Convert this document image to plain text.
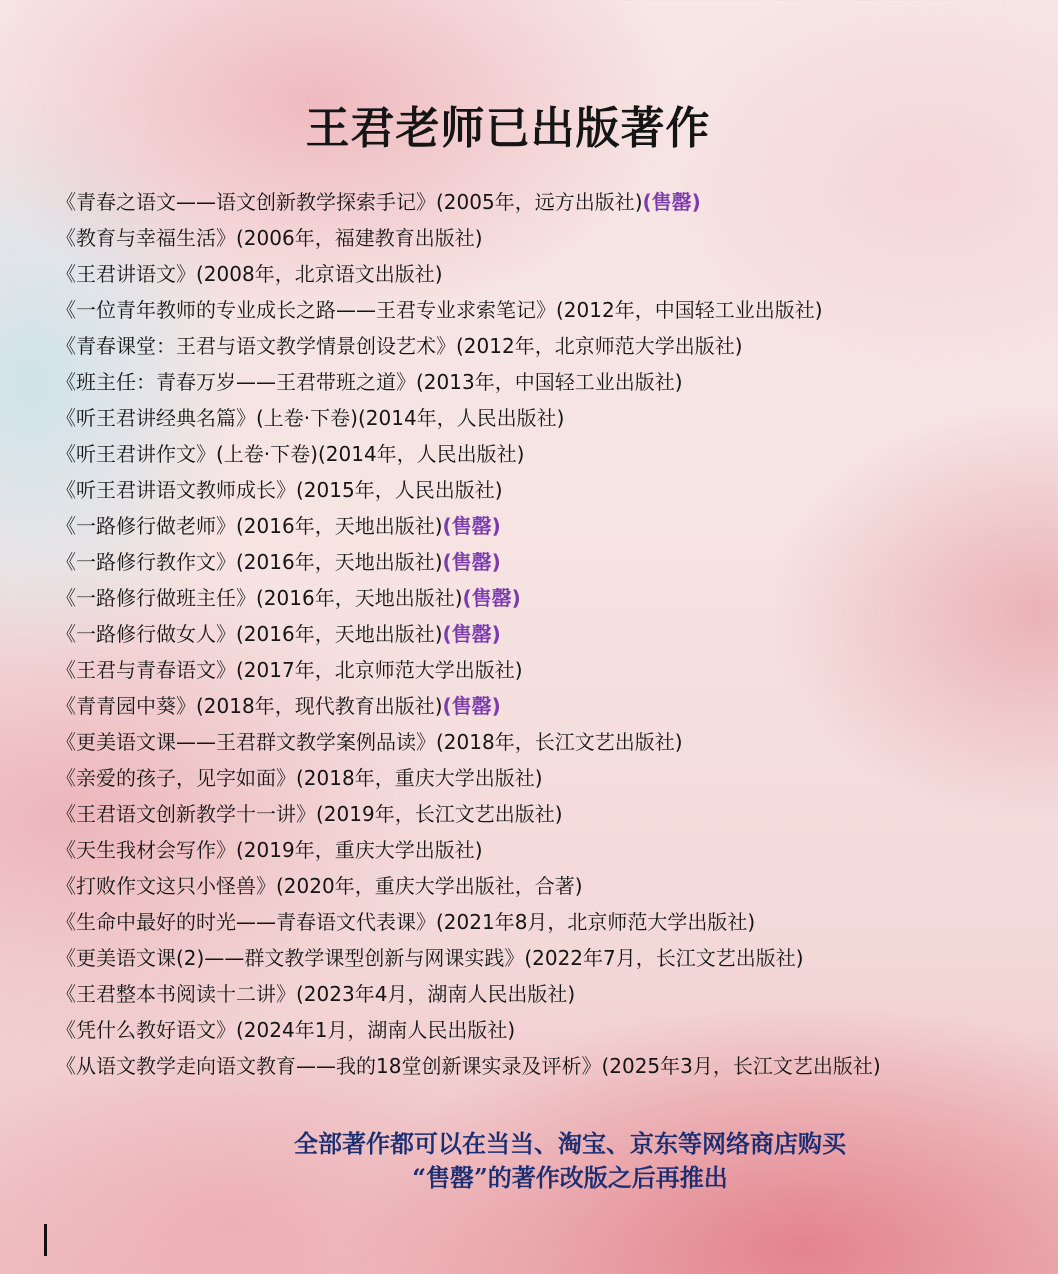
王君老师已出版著作
《青春之语文——语文创新教学探索手记》(2005年，远方出版社)(售罄)
《教育与幸福生活》(2006年，福建教育出版社)
《王君讲语文》(2008年，北京语文出版社)
《一位青年教师的专业成长之路——王君专业求索笔记》(2012年，中国轻工业出版社)
《青春课堂：王君与语文教学情景创设艺术》(2012年，北京师范大学出版社)
《班主任：青春万岁——王君带班之道》(2013年，中国轻工业出版社)
《听王君讲经典名篇》(上卷·下卷)(2014年，人民出版社)
《听王君讲作文》(上卷·下卷)(2014年，人民出版社)
《听王君讲语文教师成长》(2015年，人民出版社)
《一路修行做老师》(2016年，天地出版社)(售罄)
《一路修行教作文》(2016年，天地出版社)(售罄)
《一路修行做班主任》(2016年，天地出版社)(售罄)
《一路修行做女人》(2016年，天地出版社)(售罄)
《王君与青春语文》(2017年，北京师范大学出版社)
《青青园中葵》(2018年，现代教育出版社)(售罄)
《更美语文课——王君群文教学案例品读》(2018年，长江文艺出版社)
《亲爱的孩子，见字如面》(2018年，重庆大学出版社)
《王君语文创新教学十一讲》(2019年，长江文艺出版社)
《天生我材会写作》(2019年，重庆大学出版社)
《打败作文这只小怪兽》(2020年，重庆大学出版社，合著)
《生命中最好的时光——青春语文代表课》(2021年8月，北京师范大学出版社)
《更美语文课(2)——群文教学课型创新与网课实践》(2022年7月，长江文艺出版社)
《王君整本书阅读十二讲》(2023年4月，湖南人民出版社)
《凭什么教好语文》(2024年1月，湖南人民出版社)
《从语文教学走向语文教育——我的18堂创新课实录及评析》(2025年3月，长江文艺出版社)
全部著作都可以在当当、淘宝、京东等网络商店购买
“售罄”的著作改版之后再推出
